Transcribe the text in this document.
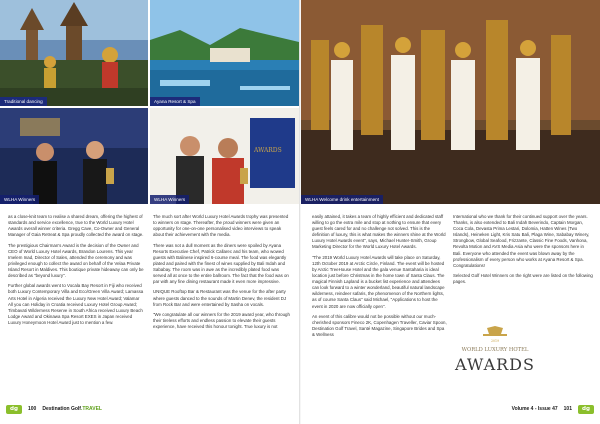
Traditional dancing	Ayana Resort & Spa
WLHA Winners
AWARDS
WLHA Winners	WLHA Welcome drink entertainment

as a close-knit team to realise a shared dream, offering the highest of standards and service excellence, true to the World Luxury Hotel Awards overall winner criteria. Gregg Cave, Co-Owner and General Manager of Gaia Retreat & Spa proudly collected the award on stage.

The prestigious Chairman's Award is the decision of the Owner and CEO of World Luxury Hotel Awards, Brandon Lourens. This year Imelem Inad, Director of Sales, attended the ceremony and was privileged enough to collect the award on behalf of the Velaa Private Island Resort in Maldives. This boutique private hideaway can only be described as "beyond luxury".

Further global awards went to Vocala Bay Resort in Fiji who received both Luxury Contemporary Villa and Eco/Green Villa Award; Lamassa Arts Hotel in Algeria received the Luxury New Hotel Award; Valamar All you can Holiday in Croatia received Luxury Hotel Group Award; Timbavati Wilderness Reserve in South Africa received Luxury Beach Lodge Award and Okinawa Spa Resort EXES in Japan received Luxury Honeymoon Hotel Award just to mention a few.

The much sort after World Luxury Hotel Awards trophy was presented to winners on stage. Thereafter, the proud winners were given an opportunity for one-on-one personalised video interviews to speak about their achievement with the media.

There was not a dull moment as the diners were spoiled by Ayana Resorts Executive Chef, Patrick Callarec and his team, who wowed guests with Balinese inspired 6-course meal. The food was elegantly plated and paired with the finest of wines supplied by Bali Indah and Sababay. The room was in awe as the incredibly plated food was served all at once to the entire ballroom. The fact that the food was on par with any fine dining restaurant made it even more impressive.

UNIQUE Rooftop Bar & Restaurant was the venue for the after party where guests danced to the sounds of Martin Denev, the resident DJ from Rock Bar and were entertained by Sasha on vocals.

"We congratulate all our winners for the 2019 award year, who through their tireless efforts and endless passion to elevate their guests experience, have received this honour tonight. True luxury is not

easily attained, it takes a team of highly efficient and dedicated staff willing to go the extra mile and stop at nothing to ensure that every guest feels cared for and no challenge not solved. This is the definition of luxury, this is what makes the winners shine at the World Luxury Hotel Awards event", says, Michael Hunter-Smith, Group Marketing Director for the World Luxury Hotel Awards.

"The 2019 World Luxury Hotel Awards will take place on Saturday, 12th October 2019 at Arctic Circle, Finland. The event will be hosted by Arctic TreeHouse Hotel and the gala venue Santaharia is ideal location just before Christmas in the home town of Santa Claus. The magical Finnish Lapland is a bucket list experience and attendees can look forward to a winter wonderland, beautiful natural landscape wilderness, reindeer safaris, the phenomenon of the Northern lights, as of course Santa Claus" said Michael, "Applications to host the event in 2020 are now officially open".

An event of this calibre would not be possible without our much-cherished sponsors Fineco 2K, Copenhagen Traveller, Caviar Spoon, Destination Golf Travel, Santé Magazine, Singapore Brides and Spa & Wellness

International who we thank for their continued support over the years. Thanks, is also extended to Bali Indah Beverindo, Captain Morgan, Coca Cola, Devasta Prima Lestari, Dolomia, Hatten Wines (Two Islands), Heineken Light, Kris Satu Bali, Plaga Wine, Sababay Winery, Strongbow, Global Seafood, Frizzante, Classic Fine Foods, Vanhona, Revolta Motion and AVS Media Asia who were the sponsors here in Bali. Everyone who attended the event was blown away by the professionalism of every person who works at Ayana Resort & Spa. Congratulations!

Selected Golf Hotel Winners on the right were are listed on the following pages.

2019
WORLD LUXURY HOTEL
AWARDS
dg	100 Destination Golf.TRAVEL	Volume 4 - Issue 47 101	dg
